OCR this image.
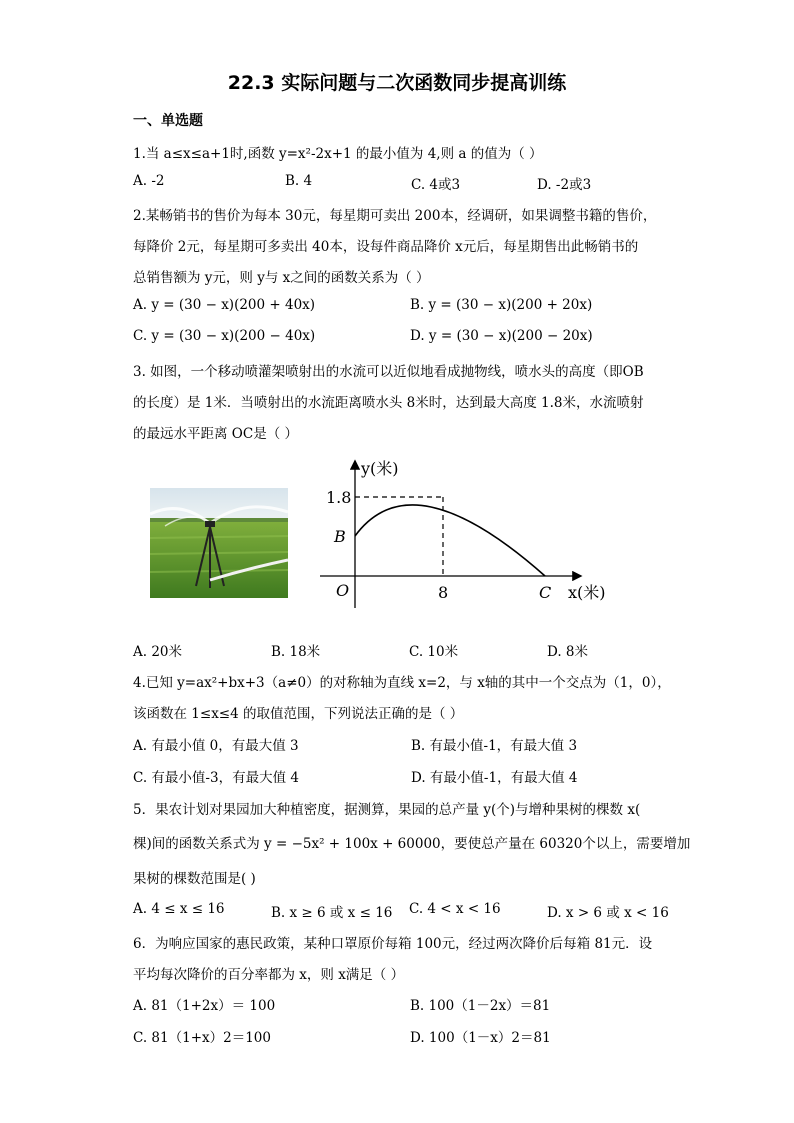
22.3 实际问题与二次函数同步提高训练
一、单选题
1.当 a≤x≤a+1时,函数 y=x²-2x+1 的最小值为 4,则 a 的值为（ ）
A. -2	B. 4	C. 4或3	D. -2或3
2.某畅销书的售价为每本 30元，每星期可卖出 200本，经调研，如果调整书籍的售价，
每降价 2元，每星期可多卖出 40本，设每件商品降价 x元后，每星期售出此畅销书的
总销售额为 y元，则 y与 x之间的函数关系为（ ）
A. y = (30 − x)(200 + 40x)	B. y = (30 − x)(200 + 20x)
C. y = (30 − x)(200 − 40x)	D. y = (30 − x)(200 − 20x)
3. 如图，一个移动喷灌架喷射出的水流可以近似地看成抛物线，喷水头的高度（即OB
的长度）是 1米．当喷射出的水流距离喷水头 8米时，达到最大高度 1.8米，水流喷射
的最远水平距离 OC是（ ）
y(米)
1.8
B
O	8	C x(米)
A. 20米	B. 18米	C. 10米	D. 8米
4.已知 y=ax²+bx+3（a≠0）的对称轴为直线 x=2，与 x轴的其中一个交点为（1，0），
该函数在 1≤x≤4 的取值范围，下列说法正确的是（ ）
A. 有最小值 0，有最大值 3	B. 有最小值-1，有最大值 3
C. 有最小值-3，有最大值 4	D. 有最小值-1，有最大值 4
5．果农计划对果园加大种植密度，据测算，果园的总产量 y(个)与增种果树的棵数 x(
棵)间的函数关系式为 y = −5x² + 100x + 60000，要使总产量在 60320个以上，需要增加
果树的棵数范围是( )
A. 4 ≤ x ≤ 16	B. x ≥ 6 或 x ≤ 16 C. 4 < x < 16	D. x > 6 或 x < 16
6．为响应国家的惠民政策，某种口罩原价每箱 100元，经过两次降价后每箱 81元．设
平均每次降价的百分率都为 x，则 x满足（ ）
A. 81（1+2x）＝ 100	B. 100（1－2x）＝81
C. 81（1+x）2＝100	D. 100（1－x）2＝81
